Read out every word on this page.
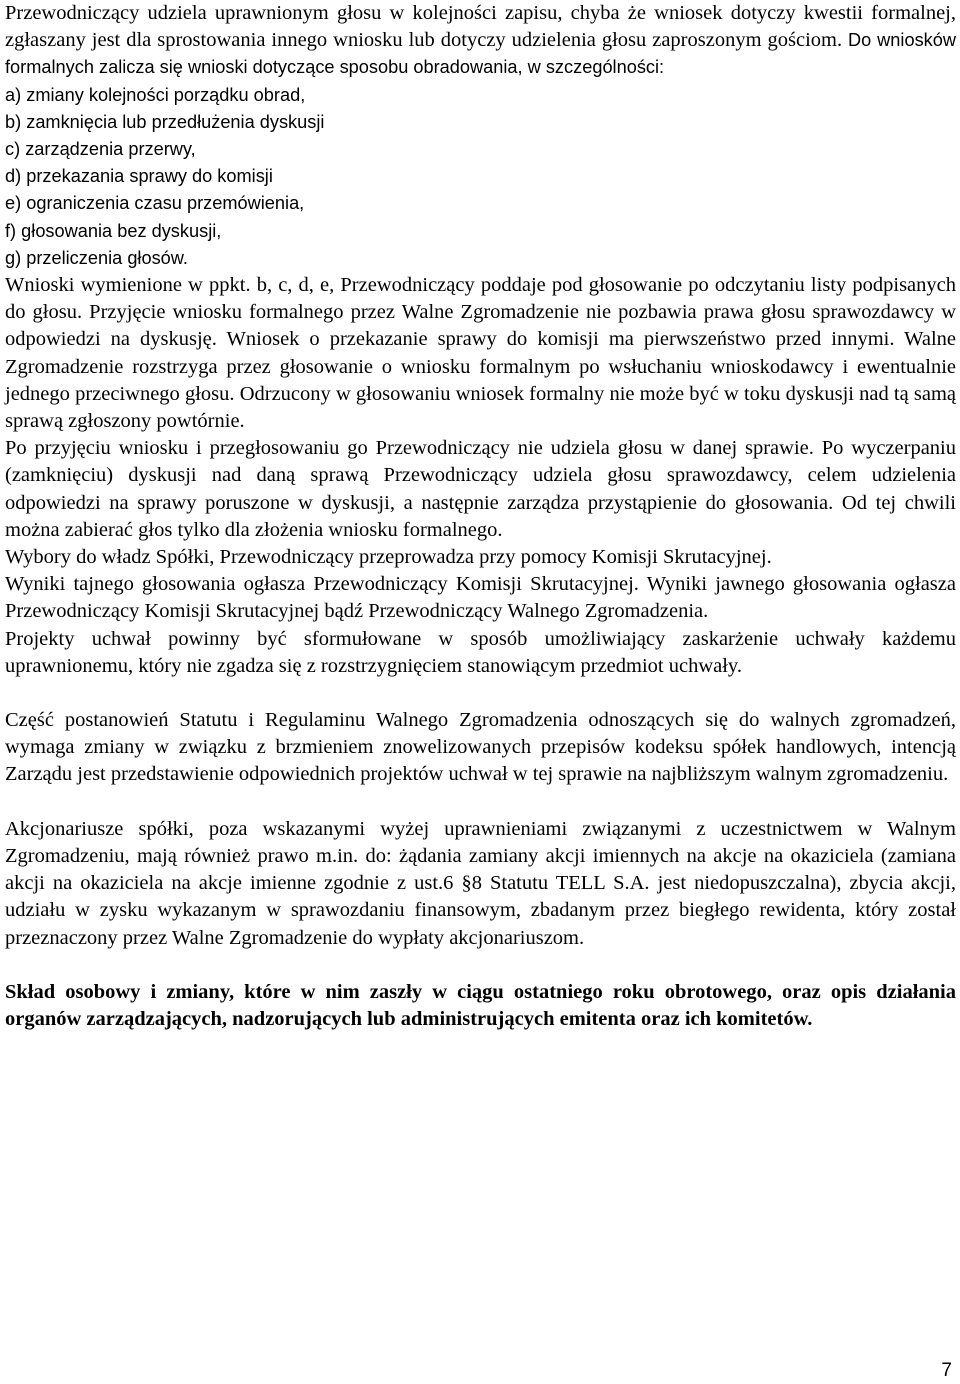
Przewodniczący udziela uprawnionym głosu w kolejności zapisu, chyba że wniosek dotyczy kwestii formalnej, zgłaszany jest dla sprostowania innego wniosku lub dotyczy udzielenia głosu zaproszonym gościom. Do wniosków formalnych zalicza się wnioski dotyczące sposobu obradowania, w szczególności:

a) zmiany kolejności porządku obrad,
b) zamknięcia lub przedłużenia dyskusji
c) zarządzenia przerwy,
d) przekazania sprawy do komisji
e) ograniczenia czasu przemówienia,
f) głosowania bez dyskusji,
g) przeliczenia głosów.

Wnioski wymienione w ppkt. b, c, d, e, Przewodniczący poddaje pod głosowanie po odczytaniu listy podpisanych do głosu. Przyjęcie wniosku formalnego przez Walne Zgromadzenie nie pozbawia prawa głosu sprawozdawcy w odpowiedzi na dyskusję. Wniosek o przekazanie sprawy do komisji ma pierwszeństwo przed innymi. Walne Zgromadzenie rozstrzyga przez głosowanie o wniosku formalnym po wsłuchaniu wnioskodawcy i ewentualnie jednego przeciwnego głosu. Odrzucony w głosowaniu wniosek formalny nie może być w toku dyskusji nad tą samą sprawą zgłoszony powtórnie.

Po przyjęciu wniosku i przegłosowaniu go Przewodniczący nie udziela głosu w danej sprawie. Po wyczerpaniu (zamknięciu) dyskusji nad daną sprawą Przewodniczący udziela głosu sprawozdawcy, celem udzielenia odpowiedzi na sprawy poruszone w dyskusji, a następnie zarządza przystąpienie do głosowania. Od tej chwili można zabierać głos tylko dla złożenia wniosku formalnego.

Wybory do władz Spółki, Przewodniczący przeprowadza przy pomocy Komisji Skrutacyjnej.

Wyniki tajnego głosowania ogłasza Przewodniczący Komisji Skrutacyjnej. Wyniki jawnego głosowania ogłasza Przewodniczący Komisji Skrutacyjnej bądź Przewodniczący Walnego Zgromadzenia.

Projekty uchwał powinny być sformułowane w sposób umożliwiający zaskarżenie uchwały każdemu uprawnionemu, który nie zgadza się z rozstrzygnięciem stanowiącym przedmiot uchwały.

Część postanowień Statutu i Regulaminu Walnego Zgromadzenia odnoszących się do walnych zgromadzeń, wymaga zmiany w związku z brzmieniem znowelizowanych przepisów kodeksu spółek handlowych, intencją Zarządu jest przedstawienie odpowiednich projektów uchwał w tej sprawie na najbliższym walnym zgromadzeniu.

Akcjonariusze spółki, poza wskazanymi wyżej uprawnieniami związanymi z uczestnictwem w Walnym Zgromadzeniu, mają również prawo m.in. do: żądania zamiany akcji imiennych na akcje na okaziciela (zamiana akcji na okaziciela na akcje imienne zgodnie z ust.6 §8 Statutu TELL S.A. jest niedopuszczalna), zbycia akcji, udziału w zysku wykazanym w sprawozdaniu finansowym, zbadanym przez biegłego rewidenta, który został przeznaczony przez Walne Zgromadzenie do wypłaty akcjonariuszom.

Skład osobowy i zmiany, które w nim zaszły w ciągu ostatniego roku obrotowego, oraz opis działania organów zarządzających, nadzorujących lub administrujących emitenta oraz ich komitetów.

7
